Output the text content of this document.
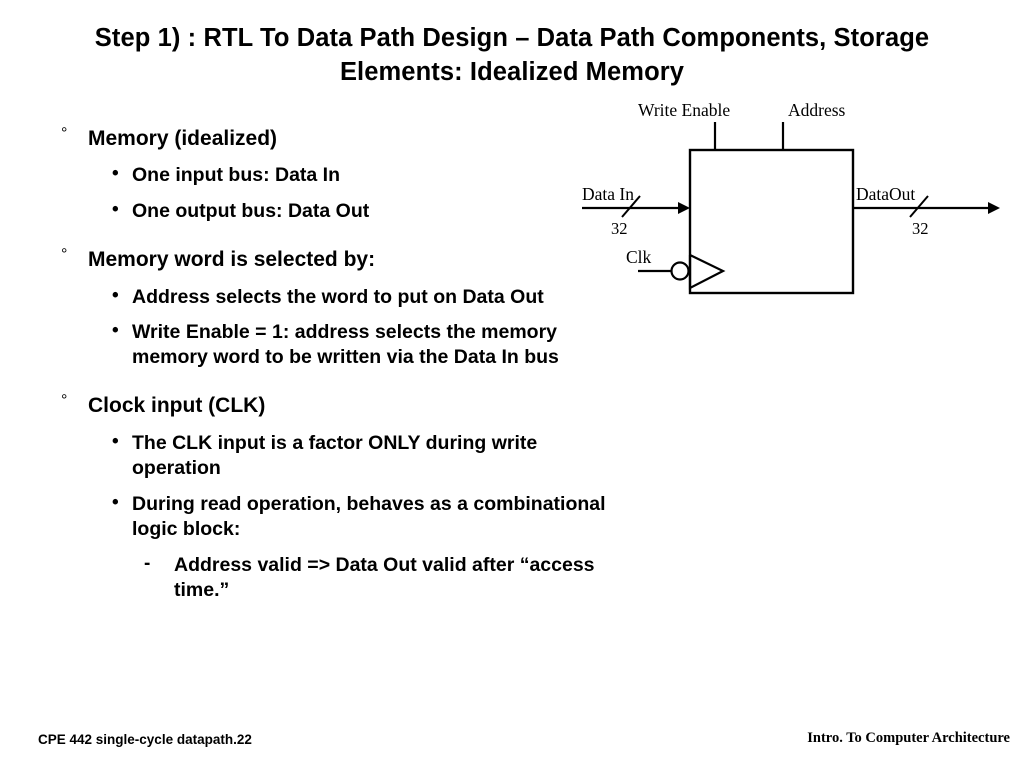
Step 1) : RTL To Data Path Design – Data Path Components, Storage Elements: Idealized Memory
° Memory (idealized)
• One input bus: Data In
• One output bus: Data Out
° Memory word is selected by:
• Address selects the word to put on Data Out
• Write Enable = 1: address selects the memory memory word to be written via the Data In bus
° Clock input (CLK)
• The CLK input is a factor ONLY during write operation
• During read operation, behaves as a combinational logic block:
- Address valid => Data Out valid after “access time.”
Write Enable	Address
Data In
32
DataOut
32
Clk
CPE 442 single-cycle datapath.22	Intro. To Computer Architecture
